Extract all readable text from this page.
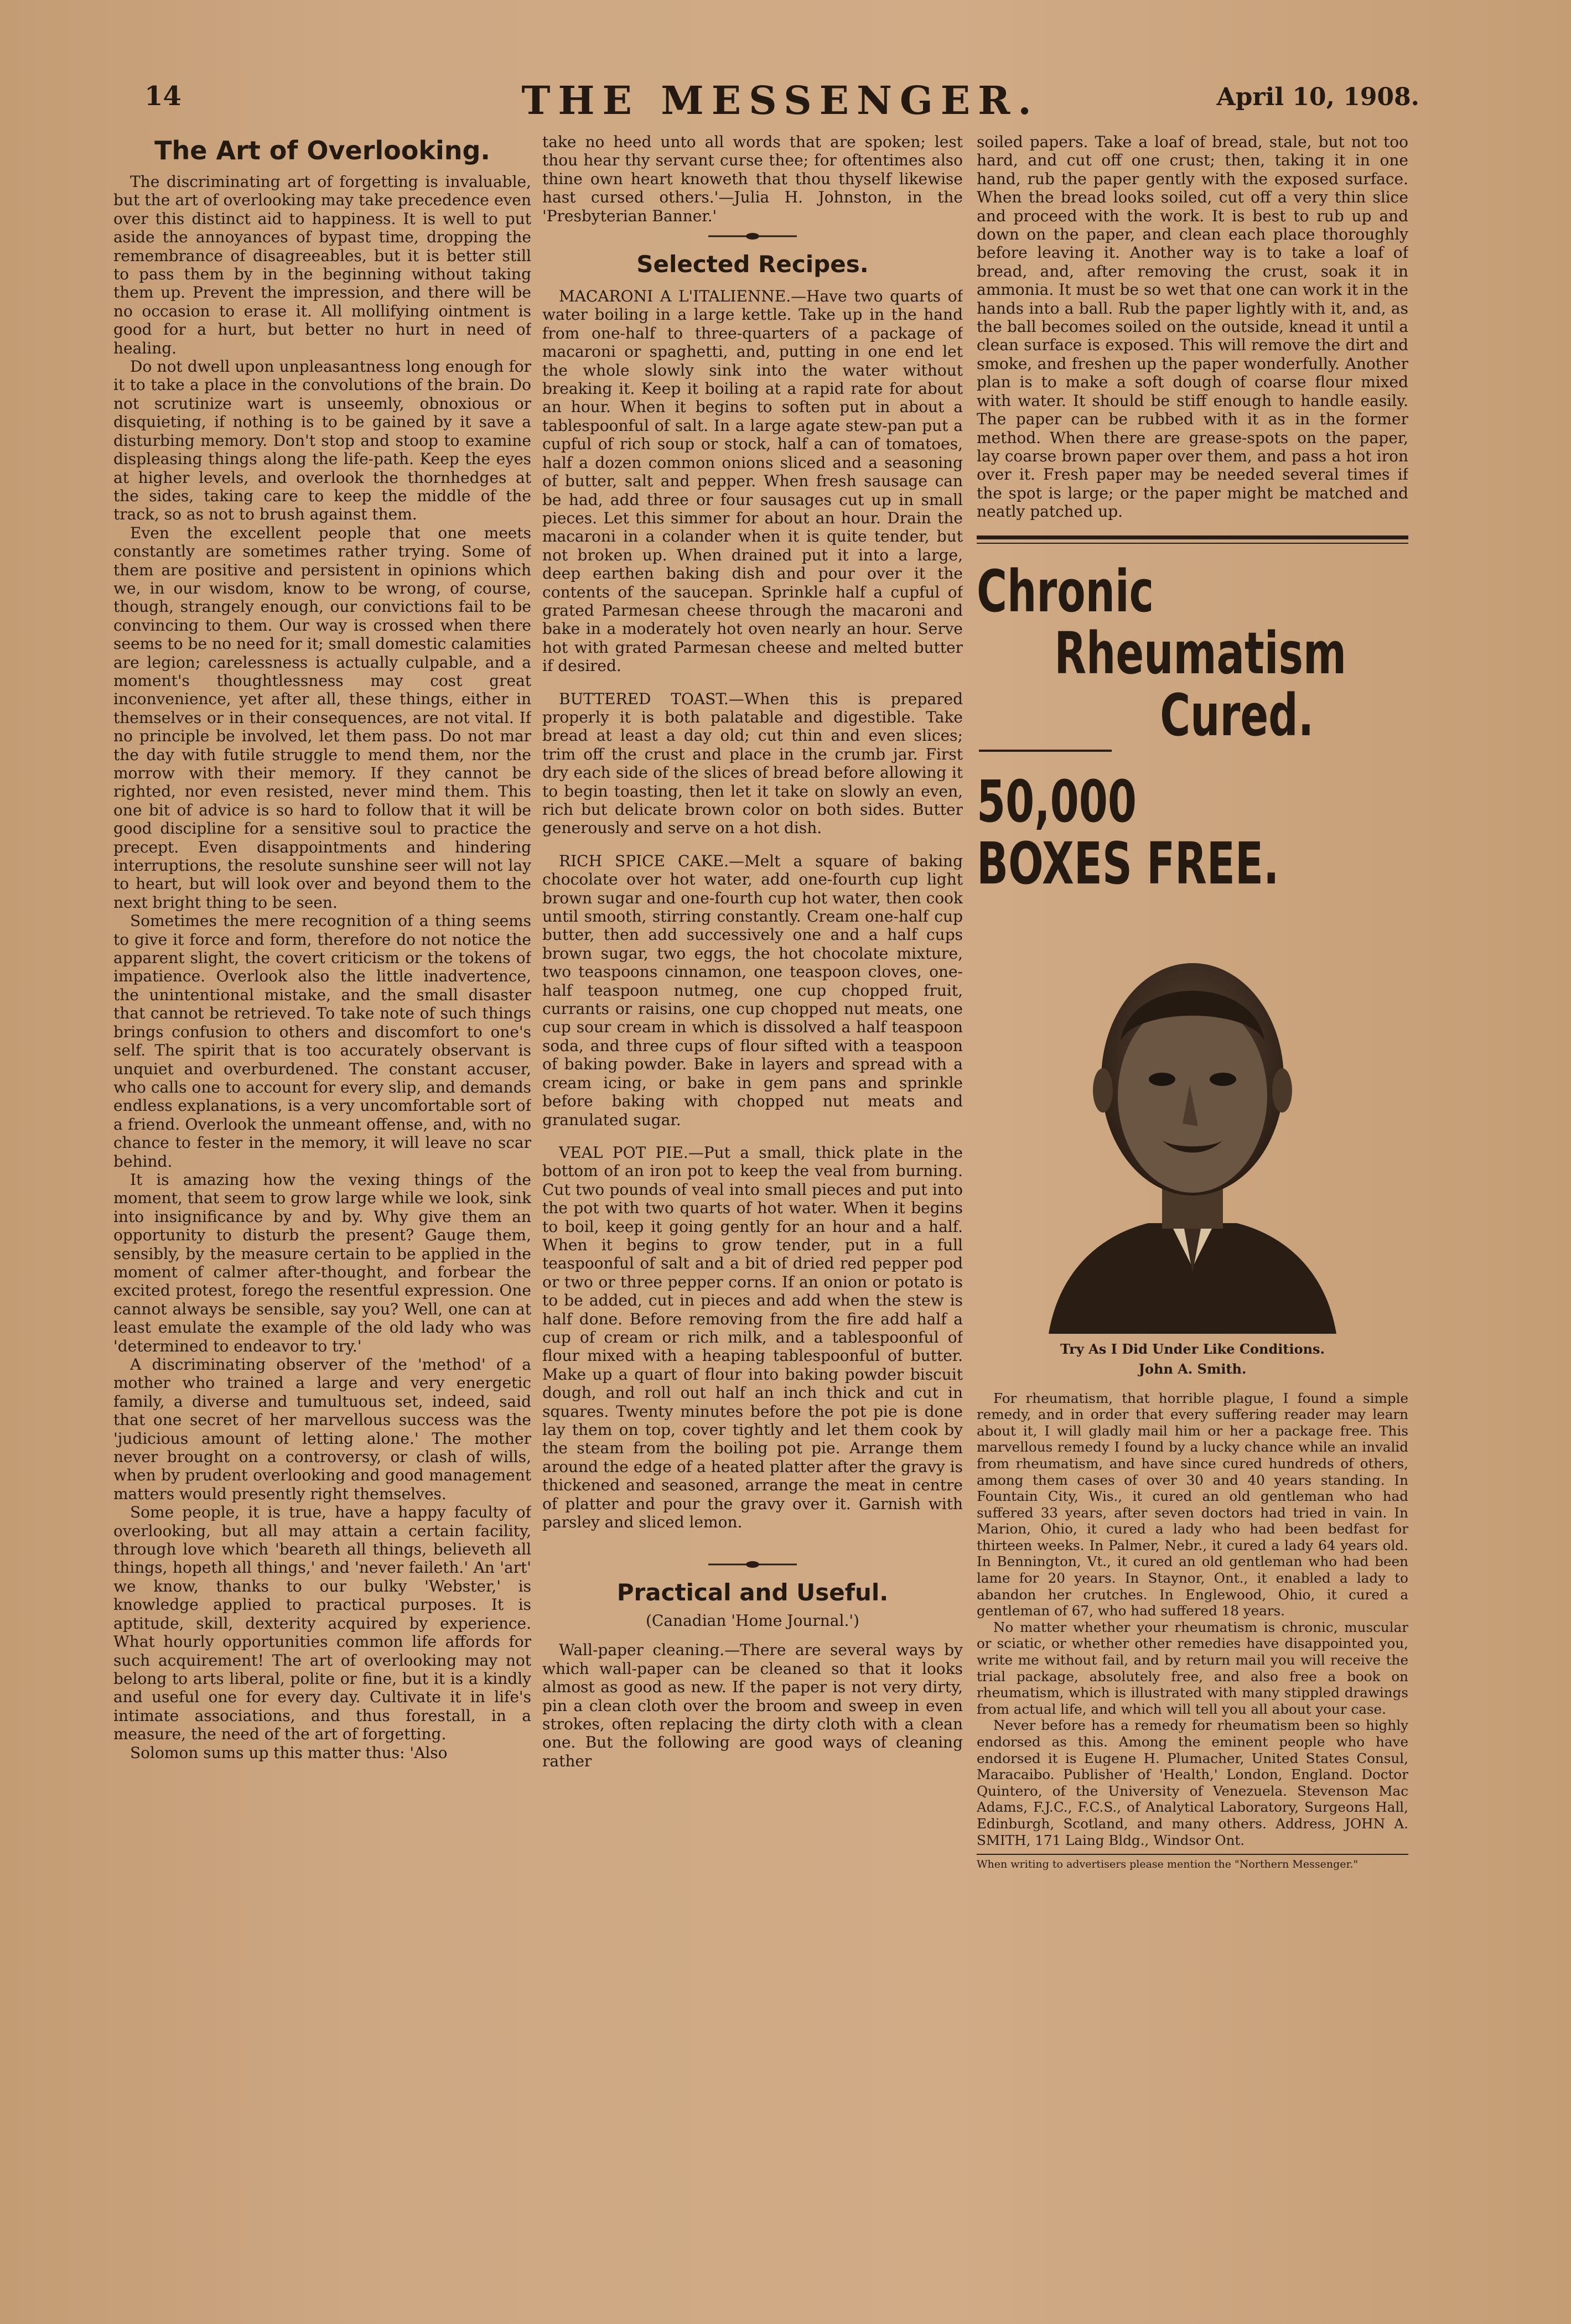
14	THE MESSENGER.	April 10, 1908.
The Art of Overlooking.

The discriminating art of forgetting is invaluable, but the art of overlooking may take precedence even over this distinct aid to happiness. It is well to put aside the annoyances of bypast time, dropping the remembrance of disagreeables, but it is better still to pass them by in the beginning without taking them up. Prevent the impression, and there will be no occasion to erase it. All mollifying ointment is good for a hurt, but better no hurt in need of healing.

Do not dwell upon unpleasantness long enough for it to take a place in the convolutions of the brain. Do not scrutinize wart is unseemly, obnoxious or disquieting, if nothing is to be gained by it save a disturbing memory. Don't stop and stoop to examine displeasing things along the life-path. Keep the eyes at higher levels, and overlook the thornhedges at the sides, taking care to keep the middle of the track, so as not to brush against them.

Even the excellent people that one meets constantly are sometimes rather trying. Some of them are positive and persistent in opinions which we, in our wisdom, know to be wrong, of course, though, strangely enough, our convictions fail to be convincing to them. Our way is crossed when there seems to be no need for it; small domestic calamities are legion; carelessness is actually culpable, and a moment's thoughtlessness may cost great inconvenience, yet after all, these things, either in themselves or in their consequences, are not vital. If no principle be involved, let them pass. Do not mar the day with futile struggle to mend them, nor the morrow with their memory. If they cannot be righted, nor even resisted, never mind them. This one bit of advice is so hard to follow that it will be good discipline for a sensitive soul to practice the precept. Even disappointments and hindering interruptions, the resolute sunshine seer will not lay to heart, but will look over and beyond them to the next bright thing to be seen.

Sometimes the mere recognition of a thing seems to give it force and form, therefore do not notice the apparent slight, the covert criticism or the tokens of impatience. Overlook also the little inadvertence, the unintentional mistake, and the small disaster that cannot be retrieved. To take note of such things brings confusion to others and discomfort to one's self. The spirit that is too accurately observant is unquiet and overburdened. The constant accuser, who calls one to account for every slip, and demands endless explanations, is a very uncomfortable sort of a friend. Overlook the unmeant offense, and, with no chance to fester in the memory, it will leave no scar behind.

It is amazing how the vexing things of the moment, that seem to grow large while we look, sink into insignificance by and by. Why give them an opportunity to disturb the present? Gauge them, sensibly, by the measure certain to be applied in the moment of calmer after-thought, and forbear the excited protest, forego the resentful expression. One cannot always be sensible, say you? Well, one can at least emulate the example of the old lady who was 'determined to endeavor to try.'

A discriminating observer of the 'method' of a mother who trained a large and very energetic family, a diverse and tumultuous set, indeed, said that one secret of her marvellous success was the 'judicious amount of letting alone.' The mother never brought on a controversy, or clash of wills, when by prudent overlooking and good management matters would presently right themselves.

Some people, it is true, have a happy faculty of overlooking, but all may attain a certain facility, through love which 'beareth all things, believeth all things, hopeth all things,' and 'never faileth.' An 'art' we know, thanks to our bulky 'Webster,' is knowledge applied to practical purposes. It is aptitude, skill, dexterity acquired by experience. What hourly opportunities common life affords for such acquirement! The art of overlooking may not belong to arts liberal, polite or fine, but it is a kindly and useful one for every day. Cultivate it in life's intimate associations, and thus forestall, in a measure, the need of the art of forgetting.

Solomon sums up this matter thus: 'Also

take no heed unto all words that are spoken; lest thou hear thy servant curse thee; for oftentimes also thine own heart knoweth that thou thyself likewise hast cursed others.'—Julia H. Johnston, in the 'Presbyterian Banner.'

Selected Recipes.

MACARONI A L'ITALIENNE.—Have two quarts of water boiling in a large kettle. Take up in the hand from one-half to three-quarters of a package of macaroni or spaghetti, and, putting in one end let the whole slowly sink into the water without breaking it. Keep it boiling at a rapid rate for about an hour. When it begins to soften put in about a tablespoonful of salt. In a large agate stew-pan put a cupful of rich soup or stock, half a can of tomatoes, half a dozen common onions sliced and a seasoning of butter, salt and pepper. When fresh sausage can be had, add three or four sausages cut up in small pieces. Let this simmer for about an hour. Drain the macaroni in a colander when it is quite tender, but not broken up. When drained put it into a large, deep earthen baking dish and pour over it the contents of the saucepan. Sprinkle half a cupful of grated Parmesan cheese through the macaroni and bake in a moderately hot oven nearly an hour. Serve hot with grated Parmesan cheese and melted butter if desired.

BUTTERED TOAST.—When this is prepared properly it is both palatable and digestible. Take bread at least a day old; cut thin and even slices; trim off the crust and place in the crumb jar. First dry each side of the slices of bread before allowing it to begin toasting, then let it take on slowly an even, rich but delicate brown color on both sides. Butter generously and serve on a hot dish.

RICH SPICE CAKE.—Melt a square of baking chocolate over hot water, add one-fourth cup light brown sugar and one-fourth cup hot water, then cook until smooth, stirring constantly. Cream one-half cup butter, then add successively one and a half cups brown sugar, two eggs, the hot chocolate mixture, two teaspoons cinnamon, one teaspoon cloves, one-half teaspoon nutmeg, one cup chopped fruit, currants or raisins, one cup chopped nut meats, one cup sour cream in which is dissolved a half teaspoon soda, and three cups of flour sifted with a teaspoon of baking powder. Bake in layers and spread with a cream icing, or bake in gem pans and sprinkle before baking with chopped nut meats and granulated sugar.

VEAL POT PIE.—Put a small, thick plate in the bottom of an iron pot to keep the veal from burning. Cut two pounds of veal into small pieces and put into the pot with two quarts of hot water. When it begins to boil, keep it going gently for an hour and a half. When it begins to grow tender, put in a full teaspoonful of salt and a bit of dried red pepper pod or two or three pepper corns. If an onion or potato is to be added, cut in pieces and add when the stew is half done. Before removing from the fire add half a cup of cream or rich milk, and a tablespoonful of flour mixed with a heaping tablespoonful of butter. Make up a quart of flour into baking powder biscuit dough, and roll out half an inch thick and cut in squares. Twenty minutes before the pot pie is done lay them on top, cover tightly and let them cook by the steam from the boiling pot pie. Arrange them around the edge of a heated platter after the gravy is thickened and seasoned, arrange the meat in centre of platter and pour the gravy over it. Garnish with parsley and sliced lemon.

Practical and Useful.
(Canadian 'Home Journal.')

Wall-paper cleaning.—There are several ways by which wall-paper can be cleaned so that it looks almost as good as new. If the paper is not very dirty, pin a clean cloth over the broom and sweep in even strokes, often replacing the dirty cloth with a clean one. But the following are good ways of cleaning rather

soiled papers. Take a loaf of bread, stale, but not too hard, and cut off one crust; then, taking it in one hand, rub the paper gently with the exposed surface. When the bread looks soiled, cut off a very thin slice and proceed with the work. It is best to rub up and down on the paper, and clean each place thoroughly before leaving it. Another way is to take a loaf of bread, and, after removing the crust, soak it in ammonia. It must be so wet that one can work it in the hands into a ball. Rub the paper lightly with it, and, as the ball becomes soiled on the outside, knead it until a clean surface is exposed. This will remove the dirt and smoke, and freshen up the paper wonderfully. Another plan is to make a soft dough of coarse flour mixed with water. It should be stiff enough to handle easily. The paper can be rubbed with it as in the former method. When there are grease-spots on the paper, lay coarse brown paper over them, and pass a hot iron over it. Fresh paper may be needed several times if the spot is large; or the paper might be matched and neatly patched up.

Chronic
Rheumatism
Cured.
50,000
BOXES FREE.
Try As I Did Under Like Conditions.
John A. Smith.

For rheumatism, that horrible plague, I found a simple remedy, and in order that every suffering reader may learn about it, I will gladly mail him or her a package free. This marvellous remedy I found by a lucky chance while an invalid from rheumatism, and have since cured hundreds of others, among them cases of over 30 and 40 years standing. In Fountain City, Wis., it cured an old gentleman who had suffered 33 years, after seven doctors had tried in vain. In Marion, Ohio, it cured a lady who had been bedfast for thirteen weeks. In Palmer, Nebr., it cured a lady 64 years old. In Bennington, Vt., it cured an old gentleman who had been lame for 20 years. In Staynor, Ont., it enabled a lady to abandon her crutches. In Englewood, Ohio, it cured a gentleman of 67, who had suffered 18 years.

No matter whether your rheumatism is chronic, muscular or sciatic, or whether other remedies have disappointed you, write me without fail, and by return mail you will receive the trial package, absolutely free, and also free a book on rheumatism, which is illustrated with many stippled drawings from actual life, and which will tell you all about your case.

Never before has a remedy for rheumatism been so highly endorsed as this. Among the eminent people who have endorsed it is Eugene H. Plumacher, United States Consul, Maracaibo. Publisher of 'Health,' London, England. Doctor Quintero, of the University of Venezuela. Stevenson Mac Adams, F.J.C., F.C.S., of Analytical Laboratory, Surgeons Hall, Edinburgh, Scotland, and many others. Address, JOHN A. SMITH, 171 Laing Bldg., Windsor Ont.

When writing to advertisers please mention the "Northern Messenger."
